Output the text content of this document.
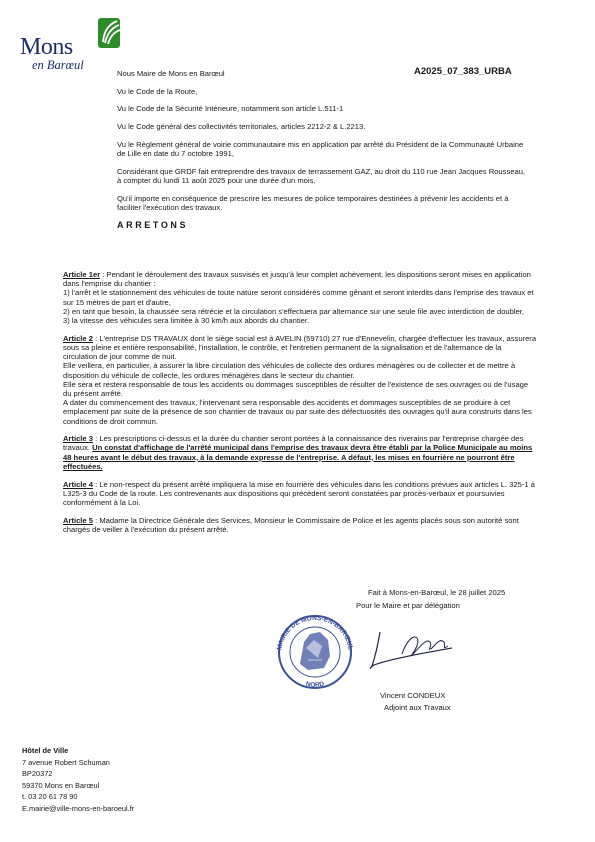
Mons
en Barœul	A2025_07_383_URBA

Nous Maire de Mons en Barœul

Vu le Code de la Route,

Vu le Code de la Sécurité Intérieure, notamment son article L.511-1

Vu le Code général des collectivités territoriales, articles 2212-2 & L.2213.

Vu le Règlement général de voirie communautaire mis en application par arrêté du Président de la Communauté Urbaine de Lille en date du 7 octobre 1991,

Considérant que GRDF fait entreprendre des travaux de terrassement GAZ, au droit du 110 rue Jean Jacques Rousseau, à compter du lundi 11 août 2025 pour une durée d'un mois.

Qu'il importe en conséquence de prescrire les mesures de police temporaires destinées à prévenir les accidents et à faciliter l'exécution des travaux.

ARRETONS

Article 1er : Pendant le déroulement des travaux susvisés et jusqu'à leur complet achèvement, les dispositions seront mises en application dans l'emprise du chantier :
1) l'arrêt et le stationnement des véhicules de toute nature seront considérés comme gênant et seront interdits dans l'emprise des travaux et sur 15 mètres de part et d'autre,
2) en tant que besoin, la chaussée sera rétrécie et la circulation s'effectuera par alternance sur une seule file avec interdiction de doubler,
3) la vitesse des véhicules sera limitée à 30 km/h aux abords du chantier.

Article 2 : L'entreprise DS TRAVAUX dont le siège social est à AVELIN (59710) 27 rue d'Ennevelin, chargée d'effectuer les travaux, assurera sous sa pleine et entière responsabilité, l'installation, le contrôle, et l'entretien permanent de la signalisation et de l'alternance de la circulation de jour comme de nuit.
Elle veillera, en particulier, à assurer la libre circulation des véhicules de collecte des ordures ménagères ou de collecter et de mettre à disposition du véhicule de collecte, les ordures ménagères dans le secteur du chantier.
Elle sera et restera responsable de tous les accidents ou dommages susceptibles de résulter de l'existence de ses ouvrages ou de l'usage du présent arrêté.
A dater du commencement des travaux, l'intervenant sera responsable des accidents et dommages susceptibles de se produire à cet emplacement par suite de la présence de son chantier de travaux ou par suite des défectuosités des ouvrages qu'il aura construits dans les conditions de droit commun.

Article 3 : Les prescriptions ci-dessus et la durée du chantier seront portées à la connaissance des riverains par l'entreprise chargée des travaux. Un constat d'affichage de l'arrêté municipal dans l'emprise des travaux devra être établi par la Police Municipale au moins 48 heures avant le début des travaux, à la demande expresse de l'entreprise. A défaut, les mises en fourrière ne pourront être effectuées.

Article 4 : Le non-respect du présent arrêté impliquera la mise en fourrière des véhicules dans les conditions prévues aux articles L. 325-1 à L325-3 du Code de la route. Les contrevenants aux dispositions qui précèdent seront constatées par procès-verbaux et poursuivies conformément à la Loi.

Article 5 : Madame la Directrice Générale des Services, Monsieur le Commissaire de Police et les agents placés sous son autorité sont chargés de veiller à l'exécution du présent arrêté.

Fait à Mons-en-Barœul, le 28 juillet 2025
Pour le Maire et par délégation
MAIRIE DE MONS-EN-BARŒUL
NORD
Vincent CONDEUX
Adjoint aux Travaux
Hôtel de Ville
7 avenue Robert Schuman
BP20372
59370 Mons en Barœul
t. 03 20 61 78 90
E.mairie@ville-mons-en-baroeul.fr
